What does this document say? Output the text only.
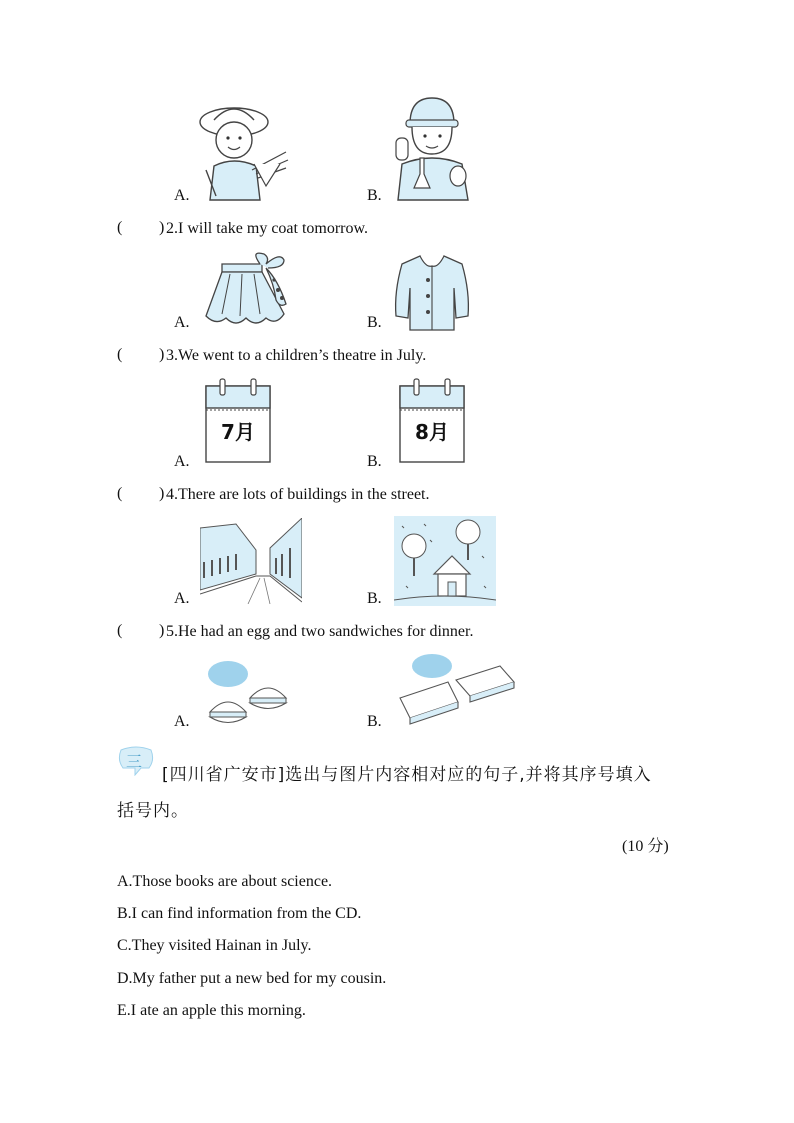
A.	B.
( ) 2.I will take my coat tomorrow.
A.	B.
( ) 3.We went to a children’s theatre in July.
7月
A.
8月
B.
( ) 4.There are lots of buildings in the street.
A.	B.
( ) 5.He had an egg and two sandwiches for dinner.
A.	B.
三
[四川省广安市]选出与图片内容相对应的句子,并将其序号填入
括号内。
(10 分)
A.Those books are about science.
B.I can find information from the CD.
C.They visited Hainan in July.
D.My father put a new bed for my cousin.
E.I ate an apple this morning.
